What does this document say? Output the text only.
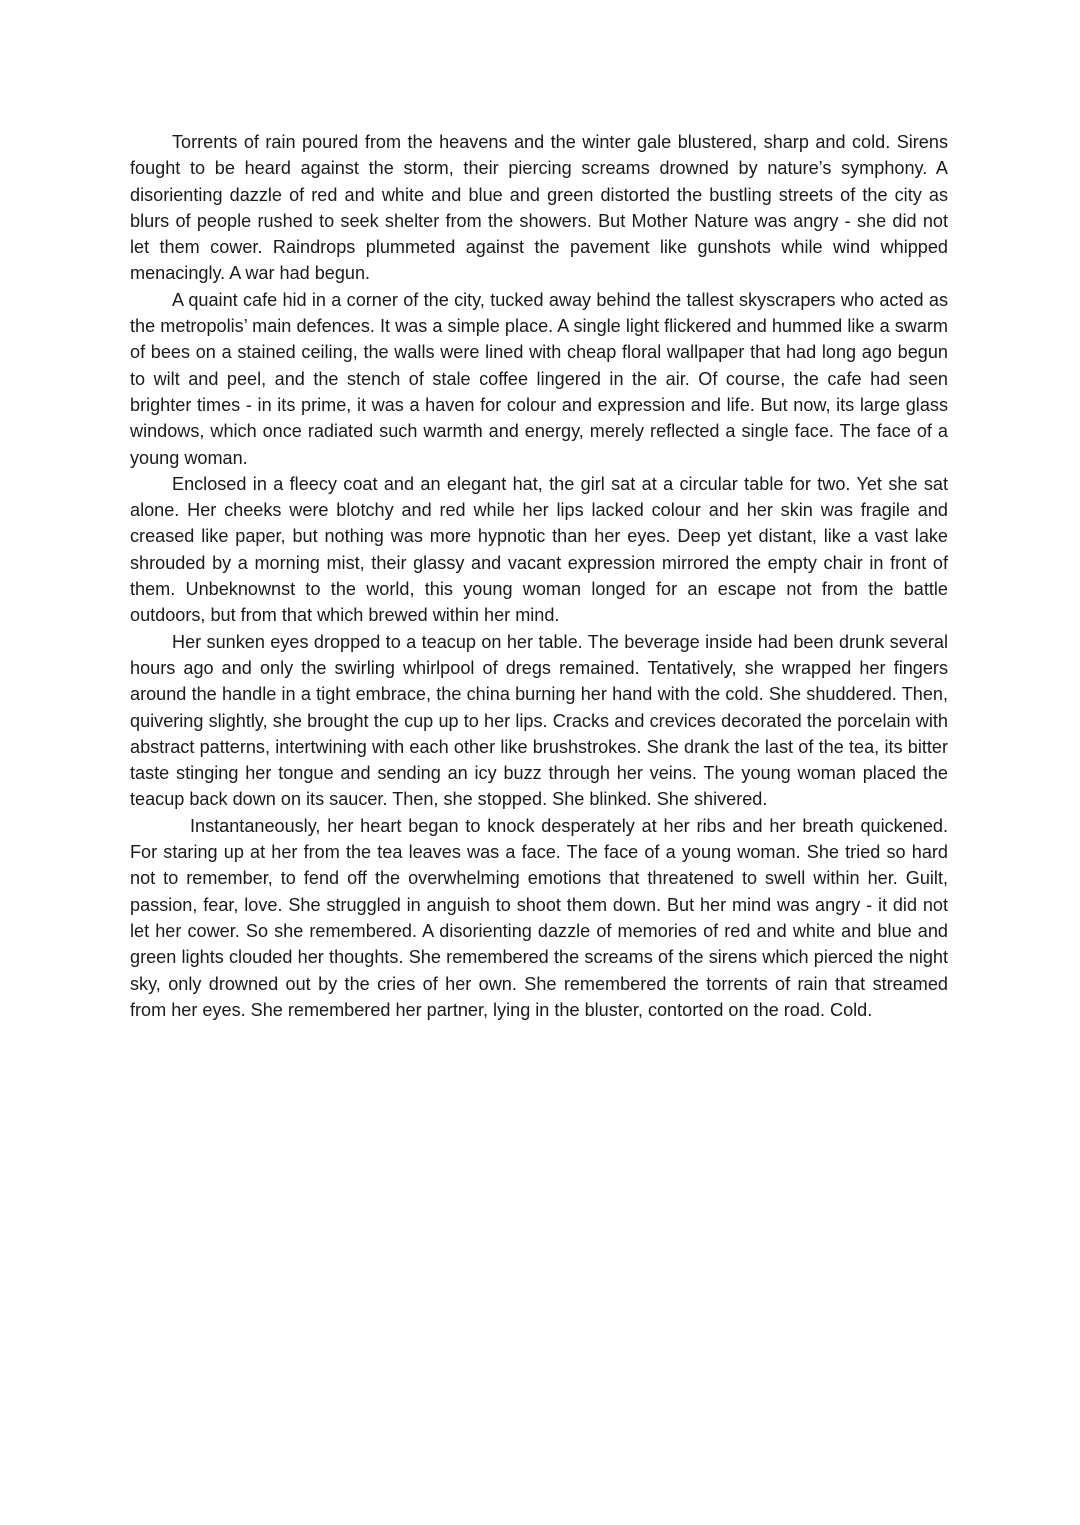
Torrents of rain poured from the heavens and the winter gale blustered, sharp and cold. Sirens fought to be heard against the storm, their piercing screams drowned by nature’s symphony. A disorienting dazzle of red and white and blue and green distorted the bustling streets of the city as blurs of people rushed to seek shelter from the showers. But Mother Nature was angry - she did not let them cower. Raindrops plummeted against the pavement like gunshots while wind whipped menacingly. A war had begun.

A quaint cafe hid in a corner of the city, tucked away behind the tallest skyscrapers who acted as the metropolis’ main defences. It was a simple place. A single light flickered and hummed like a swarm of bees on a stained ceiling, the walls were lined with cheap floral wallpaper that had long ago begun to wilt and peel, and the stench of stale coffee lingered in the air. Of course, the cafe had seen brighter times - in its prime, it was a haven for colour and expression and life. But now, its large glass windows, which once radiated such warmth and energy, merely reflected a single face. The face of a young woman.

Enclosed in a fleecy coat and an elegant hat, the girl sat at a circular table for two. Yet she sat alone. Her cheeks were blotchy and red while her lips lacked colour and her skin was fragile and creased like paper, but nothing was more hypnotic than her eyes. Deep yet distant, like a vast lake shrouded by a morning mist, their glassy and vacant expression mirrored the empty chair in front of them. Unbeknownst to the world, this young woman longed for an escape not from the battle outdoors, but from that which brewed within her mind.

Her sunken eyes dropped to a teacup on her table. The beverage inside had been drunk several hours ago and only the swirling whirlpool of dregs remained. Tentatively, she wrapped her fingers around the handle in a tight embrace, the china burning her hand with the cold. She shuddered. Then, quivering slightly, she brought the cup up to her lips. Cracks and crevices decorated the porcelain with abstract patterns, intertwining with each other like brushstrokes. She drank the last of the tea, its bitter taste stinging her tongue and sending an icy buzz through her veins. The young woman placed the teacup back down on its saucer. Then, she stopped. She blinked. She shivered.

Instantaneously, her heart began to knock desperately at her ribs and her breath quickened. For staring up at her from the tea leaves was a face. The face of a young woman. She tried so hard not to remember, to fend off the overwhelming emotions that threatened to swell within her. Guilt, passion, fear, love. She struggled in anguish to shoot them down. But her mind was angry - it did not let her cower. So she remembered. A disorienting dazzle of memories of red and white and blue and green lights clouded her thoughts. She remembered the screams of the sirens which pierced the night sky, only drowned out by the cries of her own. She remembered the torrents of rain that streamed from her eyes. She remembered her partner, lying in the bluster, contorted on the road. Cold.
